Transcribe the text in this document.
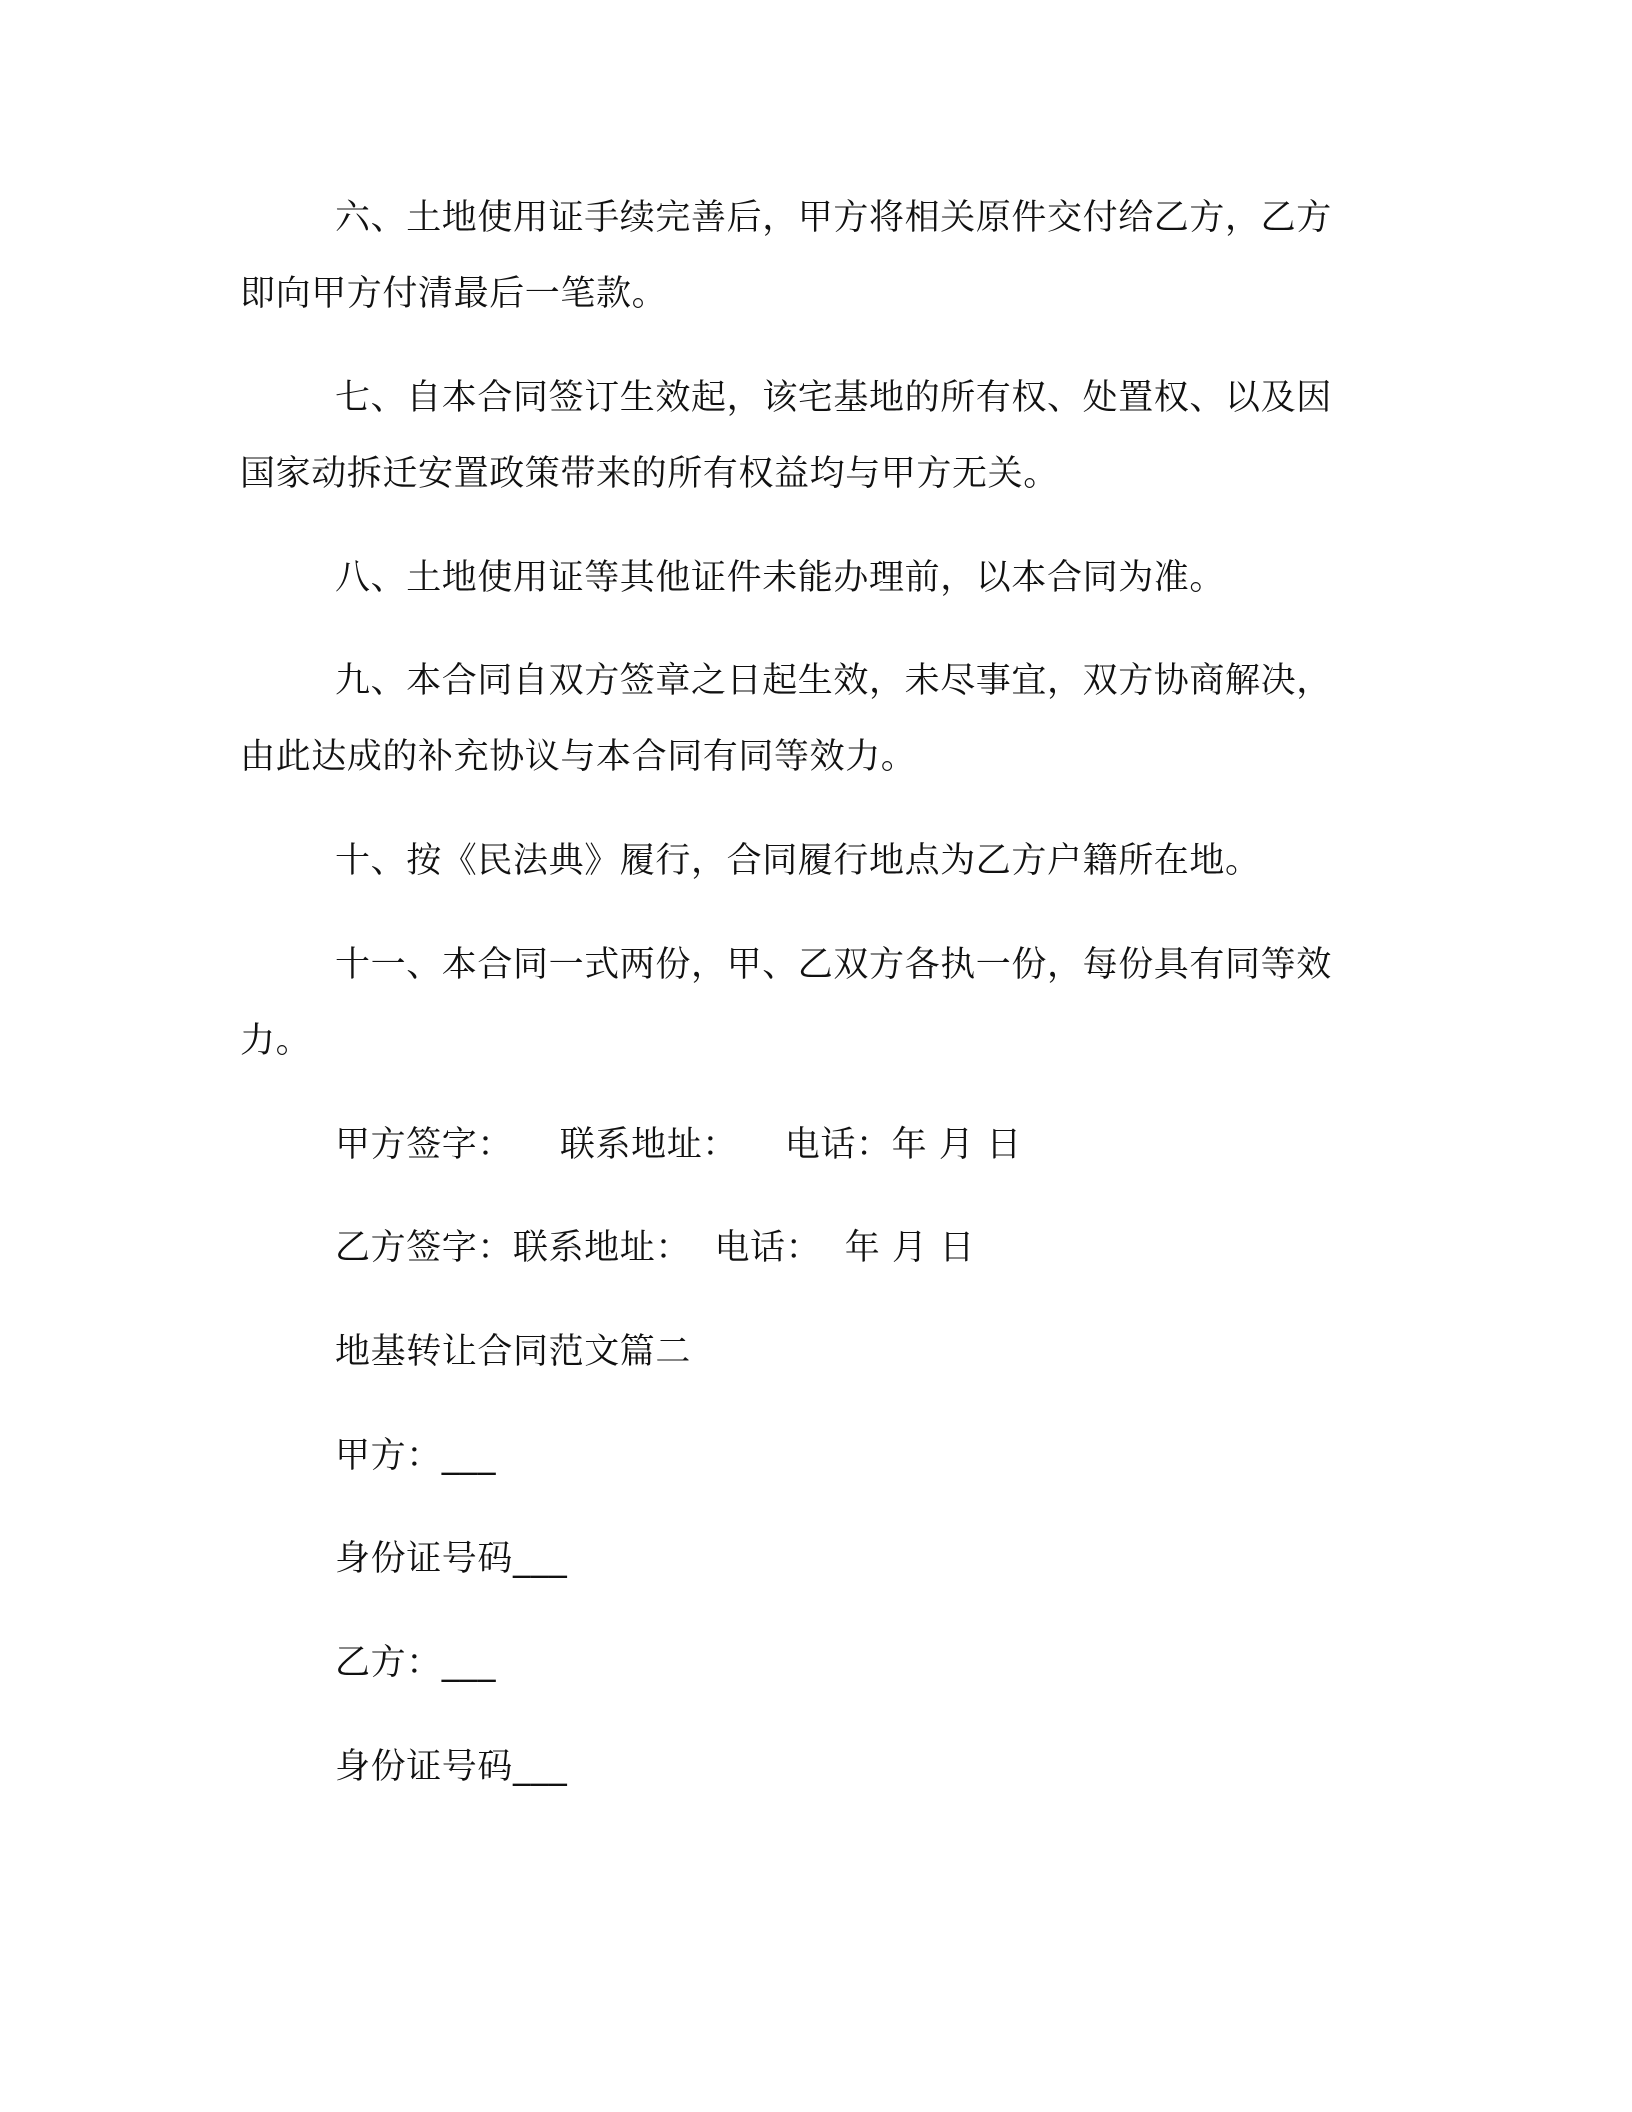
六、土地使用证手续完善后，甲方将相关原件交付给乙方，乙方
即向甲方付清最后一笔款。
七、自本合同签订生效起，该宅基地的所有权、处置权、以及因
国家动拆迁安置政策带来的所有权益均与甲方无关。
八、土地使用证等其他证件未能办理前，以本合同为准。
九、本合同自双方签章之日起生效，未尽事宜，双方协商解决，
由此达成的补充协议与本合同有同等效力。
十、按《民法典》履行，合同履行地点为乙方户籍所在地。
十一、本合同一式两份，甲、乙双方各执一份，每份具有同等效
力。
甲方签字：    联系地址：    电话：年 月 日
乙方签字：联系地址：  电话：  年 月 日
地基转让合同范文篇二
甲方：___
身份证号码___
乙方：___
身份证号码___
